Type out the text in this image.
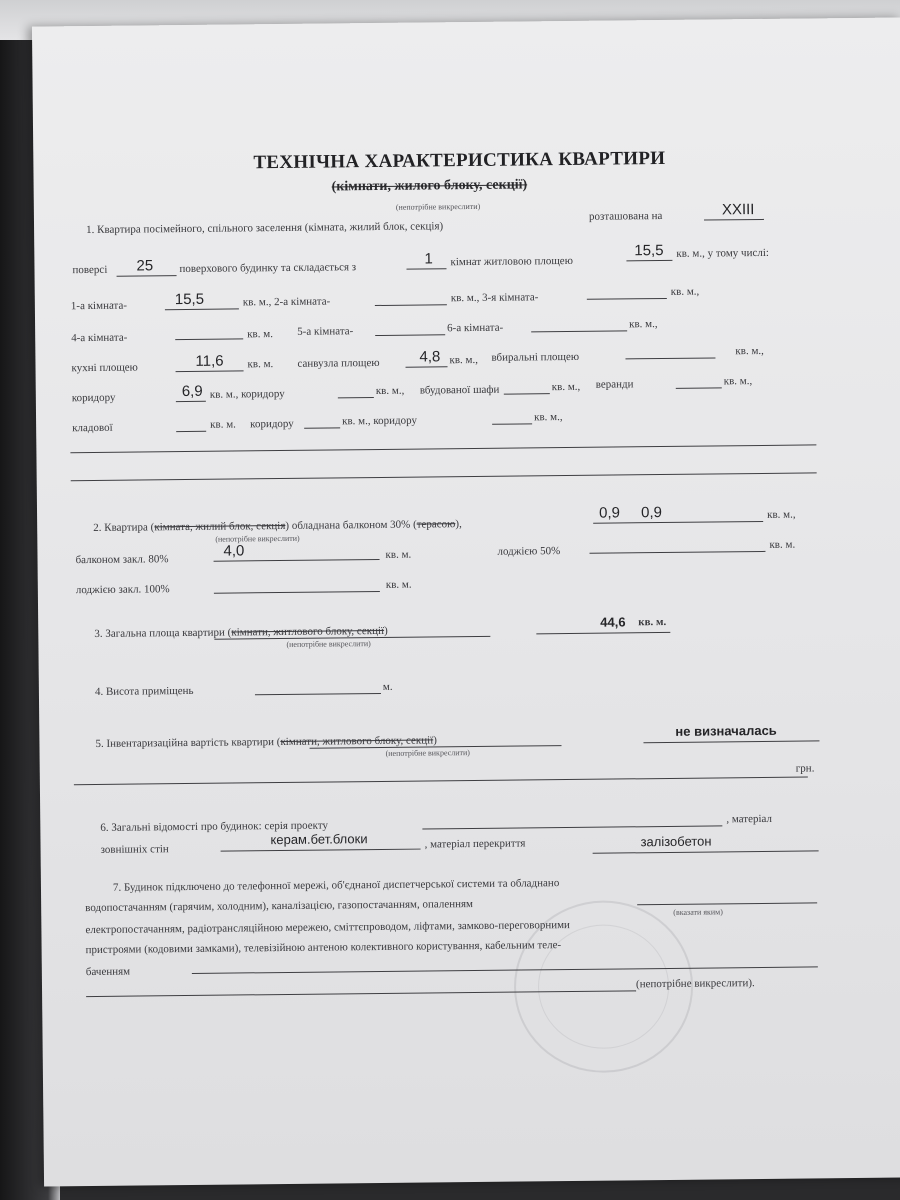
ТЕХНІЧНА ХАРАКТЕРИСТИКА КВАРТИРИ
(кімнати, жилого блоку, секції)
(непотрібне викреслити)
1. Квартира посімейного, спільного заселення (кімната, жилий блок, секція)
розташована на	XXIII
поверсі 25 поверхового будинку та складається з
1 кімнат житловою площею
15,5 кв. м., у тому числі:
1-а кімната-	15,5	кв. м., 2-а кімната-	кв. м., 3-я кімната-	кв. м.,
4-а кімната-	кв. м. 5-а кімната-	6-а кімната-	кв. м.,
кухні площею	11,6 кв. м. санвузла площею	4,8 кв. м., вбиральні площею	кв. м.,
коридору	6,9 кв. м., коридору	кв. м., вбудованої шафи	кв. м., веранди	кв. м.,
кладової	кв. м. коридору	кв. м., коридору	кв. м.,
2. Квартира (кімната, жилий блок, секція) обладнана балконом 30% (терасою),
(непотрібне викреслити)
0,9 0,9	кв. м.,
балконом закл. 80%
4,0	кв. м.	лоджією 50%
кв. м.
лоджією закл. 100%	кв. м.
3. Загальна площа квартири (кімнати, житлового блоку, секції)
(непотрібне викреслити)
44,6 кв. м.
4. Висота приміщень	м.
5. Інвентаризаційна вартість квартири (кімнати, житлового блоку, секції)
(непотрібне викреслити)
не визначалась
грн.
6. Загальні відомості про будинок: серія проекту
, матеріал
зовнішніх стін
керам.бет.блоки	, матеріал перекриття	залізобетон
7. Будинок підключено до телефонної мережі, об'єднаної диспетчерської системи та обладнано
водопостачанням (гарячим, холодним), каналізацією, газопостачанням, опаленням	(вказати яким)
електропостачанням, радіотрансляційною мережею, сміттєпроводом, ліфтами, замково-переговорними
пристроями (кодовими замками), телевізійною антеною колективного користування, кабельним теле-
баченням
(непотрібне викреслити).
